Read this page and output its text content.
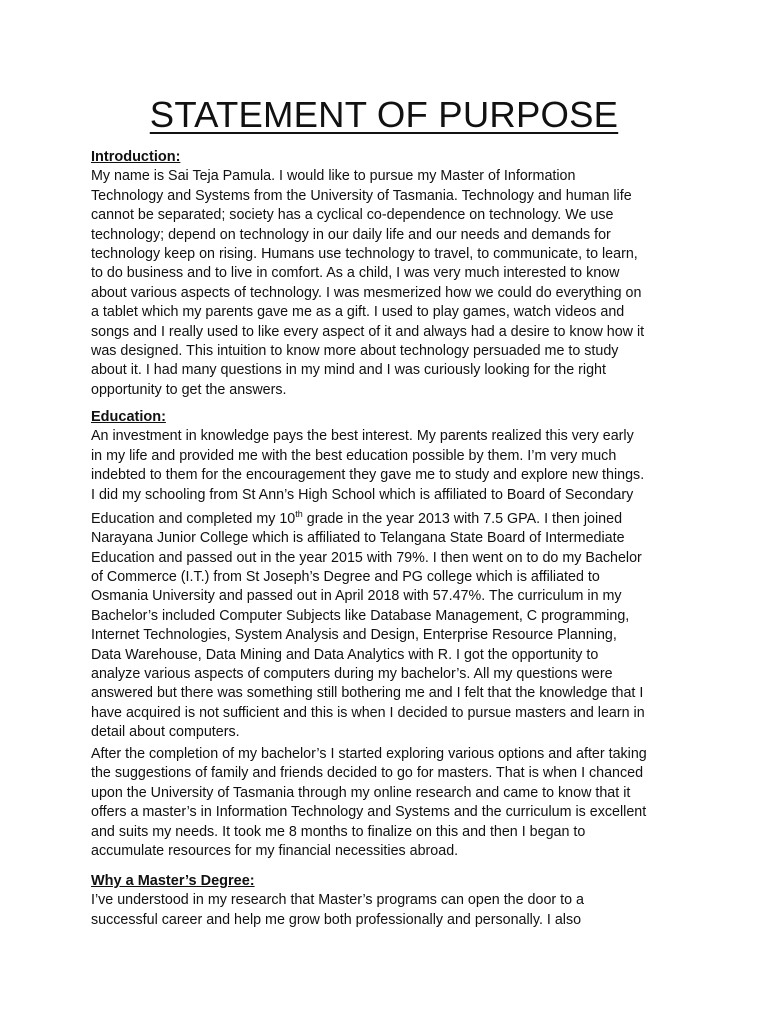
STATEMENT OF PURPOSE

Introduction:

My name is Sai Teja Pamula. I would like to pursue my Master of Information
Technology and Systems from the University of Tasmania. Technology and human life
cannot be separated; society has a cyclical co-dependence on technology. We use
technology; depend on technology in our daily life and our needs and demands for
technology keep on rising. Humans use technology to travel, to communicate, to learn,
to do business and to live in comfort. As a child, I was very much interested to know
about various aspects of technology. I was mesmerized how we could do everything on
a tablet which my parents gave me as a gift. I used to play games, watch videos and
songs and I really used to like every aspect of it and always had a desire to know how it
was designed. This intuition to know more about technology persuaded me to study
about it. I had many questions in my mind and I was curiously looking for the right
opportunity to get the answers.

Education:

An investment in knowledge pays the best interest. My parents realized this very early
in my life and provided me with the best education possible by them. I’m very much
indebted to them for the encouragement they gave me to study and explore new things.
I did my schooling from St Ann’s High School which is affiliated to Board of Secondary
Education and completed my 10th grade in the year 2013 with 7.5 GPA. I then joined
Narayana Junior College which is affiliated to Telangana State Board of Intermediate
Education and passed out in the year 2015 with 79%. I then went on to do my Bachelor
of Commerce (I.T.) from St Joseph’s Degree and PG college which is affiliated to
Osmania University and passed out in April 2018 with 57.47%. The curriculum in my
Bachelor’s included Computer Subjects like Database Management, C programming,
Internet Technologies, System Analysis and Design, Enterprise Resource Planning,
Data Warehouse, Data Mining and Data Analytics with R. I got the opportunity to
analyze various aspects of computers during my bachelor’s. All my questions were
answered but there was something still bothering me and I felt that the knowledge that I
have acquired is not sufficient and this is when I decided to pursue masters and learn in
detail about computers.

After the completion of my bachelor’s I started exploring various options and after taking
the suggestions of family and friends decided to go for masters. That is when I chanced
upon the University of Tasmania through my online research and came to know that it
offers a master’s in Information Technology and Systems and the curriculum is excellent
and suits my needs. It took me 8 months to finalize on this and then I began to
accumulate resources for my financial necessities abroad.

Why a Master’s Degree:

I’ve understood in my research that Master’s programs can open the door to a
successful career and help me grow both professionally and personally. I also
